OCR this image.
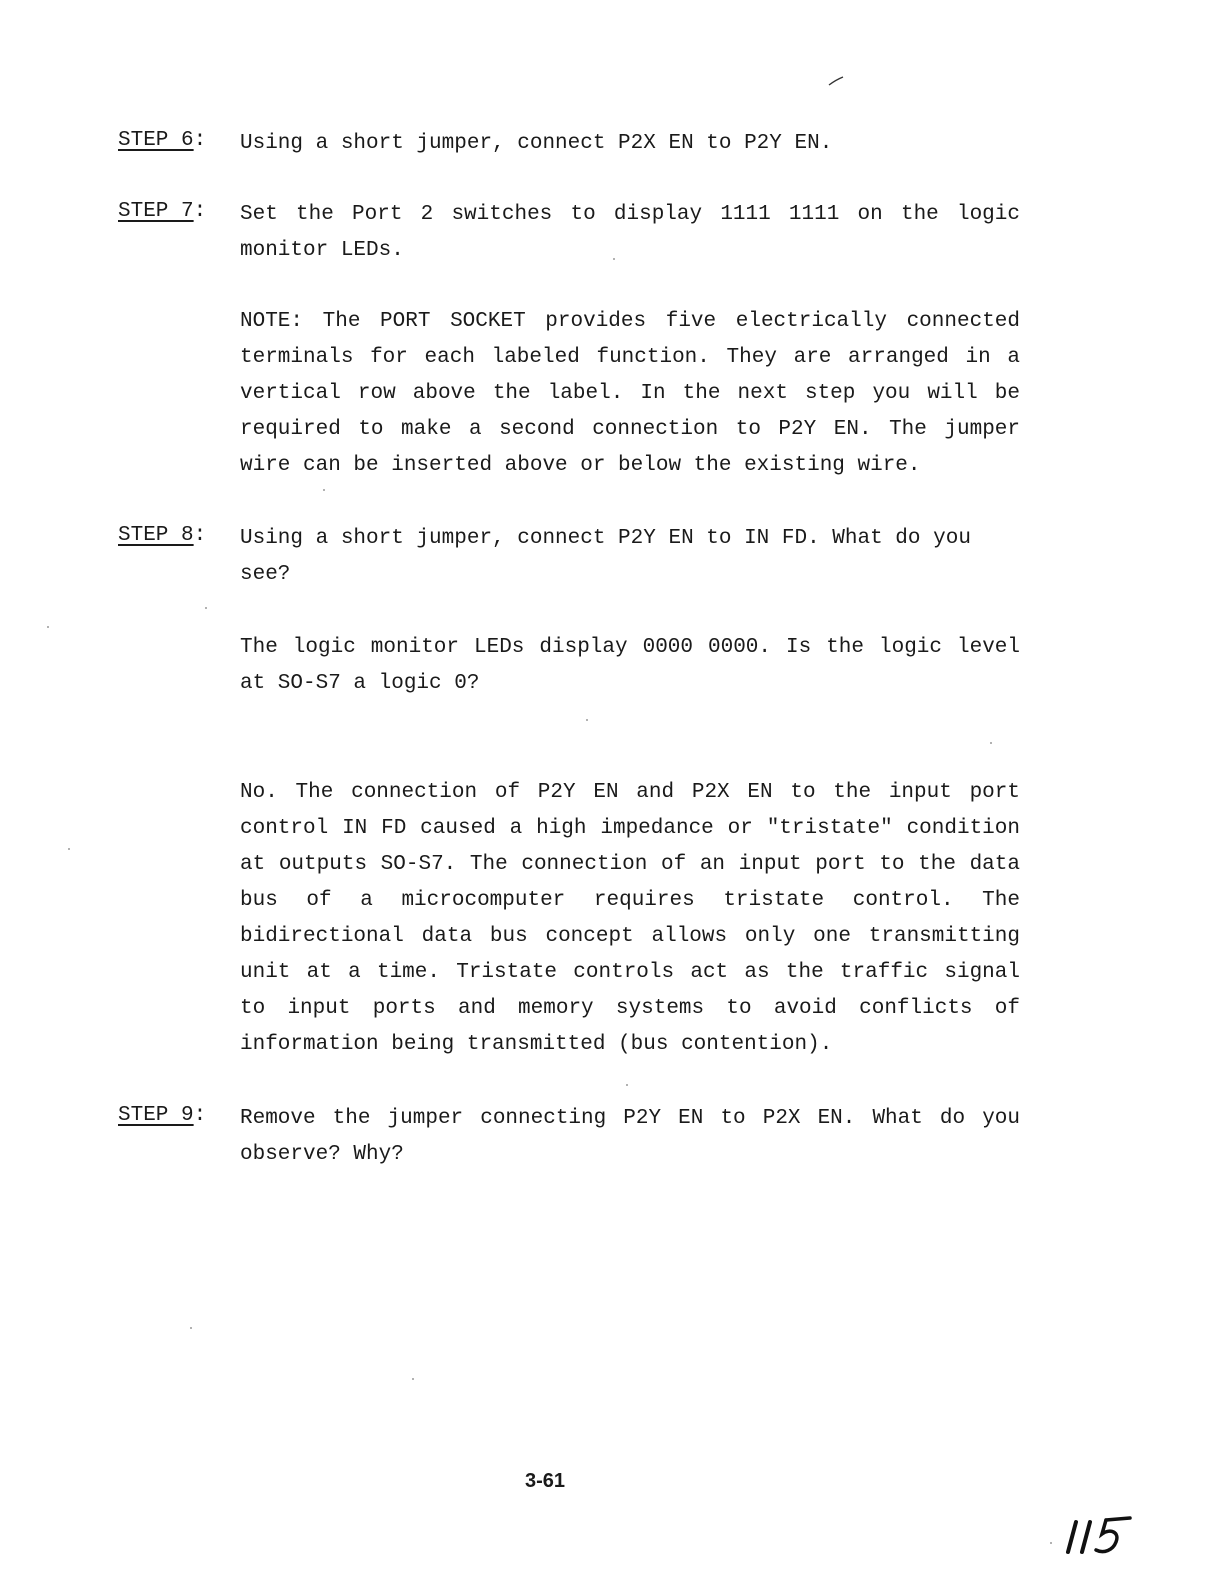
STEP 6: Using a short jumper, connect P2X EN to P2Y EN.
STEP 7: Set the Port 2 switches to display 1111 1111 on the logic monitor LEDs.
NOTE: The PORT SOCKET provides five electrically connected terminals for each labeled function. They are arranged in a vertical row above the label. In the next step you will be required to make a second connection to P2Y EN. The jumper wire can be inserted above or below the existing wire.
STEP 8: Using a short jumper, connect P2Y EN to IN FD. What do you see?
The logic monitor LEDs display 0000 0000. Is the logic level at SO-S7 a logic 0?
No. The connection of P2Y EN and P2X EN to the input port control IN FD caused a high impedance or "tristate" condition at outputs SO-S7. The connection of an input port to the data bus of a microcomputer requires tristate control. The bidirectional data bus concept allows only one transmitting unit at a time. Tristate controls act as the traffic signal to input ports and memory systems to avoid conflicts of information being transmitted (bus contention).
STEP 9: Remove the jumper connecting P2Y EN to P2X EN. What do you observe? Why?
3-61
